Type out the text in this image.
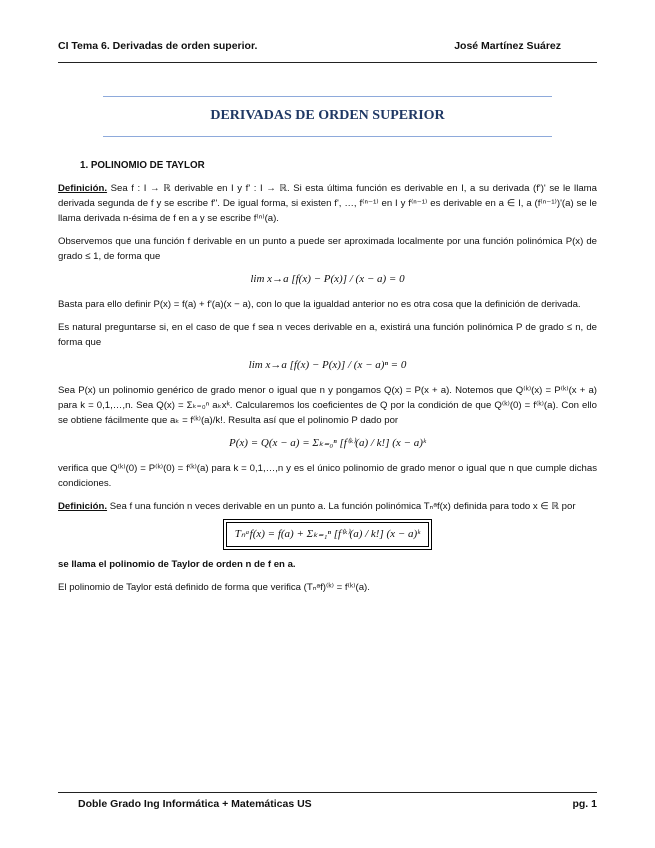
CI Tema 6. Derivadas de orden superior.	José Martínez Suárez
DERIVADAS DE ORDEN SUPERIOR
1. POLINOMIO DE TAYLOR

Definición. Sea f : I → ℝ derivable en I y f' : I → ℝ. Si esta última función es derivable en I, a su derivada (f')' se le llama derivada segunda de f y se escribe f''. De igual forma, si existen f', …, f⁽ⁿ⁻¹⁾ en I y f⁽ⁿ⁻¹⁾ es derivable en a ∈ I, a (f⁽ⁿ⁻¹⁾)'(a) se le llama derivada n-ésima de f en a y se escribe f⁽ⁿ⁾(a).

Observemos que una función f derivable en un punto a puede ser aproximada localmente por una función polinómica P(x) de grado ≤ 1, de forma que

lim x→a [f(x) − P(x)] / (x − a) = 0

Basta para ello definir P(x) = f(a) + f'(a)(x − a), con lo que la igualdad anterior no es otra cosa que la definición de derivada.

Es natural preguntarse si, en el caso de que f sea n veces derivable en a, existirá una función polinómica P de grado ≤ n, de forma que

lim x→a [f(x) − P(x)] / (x − a)ⁿ = 0

Sea P(x) un polinomio genérico de grado menor o igual que n y pongamos Q(x) = P(x + a). Notemos que Q⁽ᵏ⁾(x) = P⁽ᵏ⁾(x + a) para k = 0,1,…,n. Sea Q(x) = Σₖ₌₀ⁿ aₖxᵏ. Calcularemos los coeficientes de Q por la condición de que Q⁽ᵏ⁾(0) = f⁽ᵏ⁾(a). Con ello se obtiene fácilmente que aₖ = f⁽ᵏ⁾(a)/k!. Resulta así que el polinomio P dado por

P(x) = Q(x − a) = Σₖ₌₀ⁿ [f⁽ᵏ⁾(a) / k!] (x − a)ᵏ

verifica que Q⁽ᵏ⁾(0) = P⁽ᵏ⁾(0) = f⁽ᵏ⁾(a) para k = 0,1,…,n y es el único polinomio de grado menor o igual que n que cumple dichas condiciones.

Definición. Sea f una función n veces derivable en un punto a. La función polinómica Tₙᵃf(x) definida para todo x ∈ ℝ por

Tₙᵃf(x) = f(a) + Σₖ₌₁ⁿ [f⁽ᵏ⁾(a) / k!] (x − a)ᵏ

se llama el polinomio de Taylor de orden n de f en a.

El polinomio de Taylor está definido de forma que verifica (Tₙᵃf)⁽ᵏ⁾ = f⁽ᵏ⁾(a).

Doble Grado Ing Informática + Matemáticas US	pg. 1
